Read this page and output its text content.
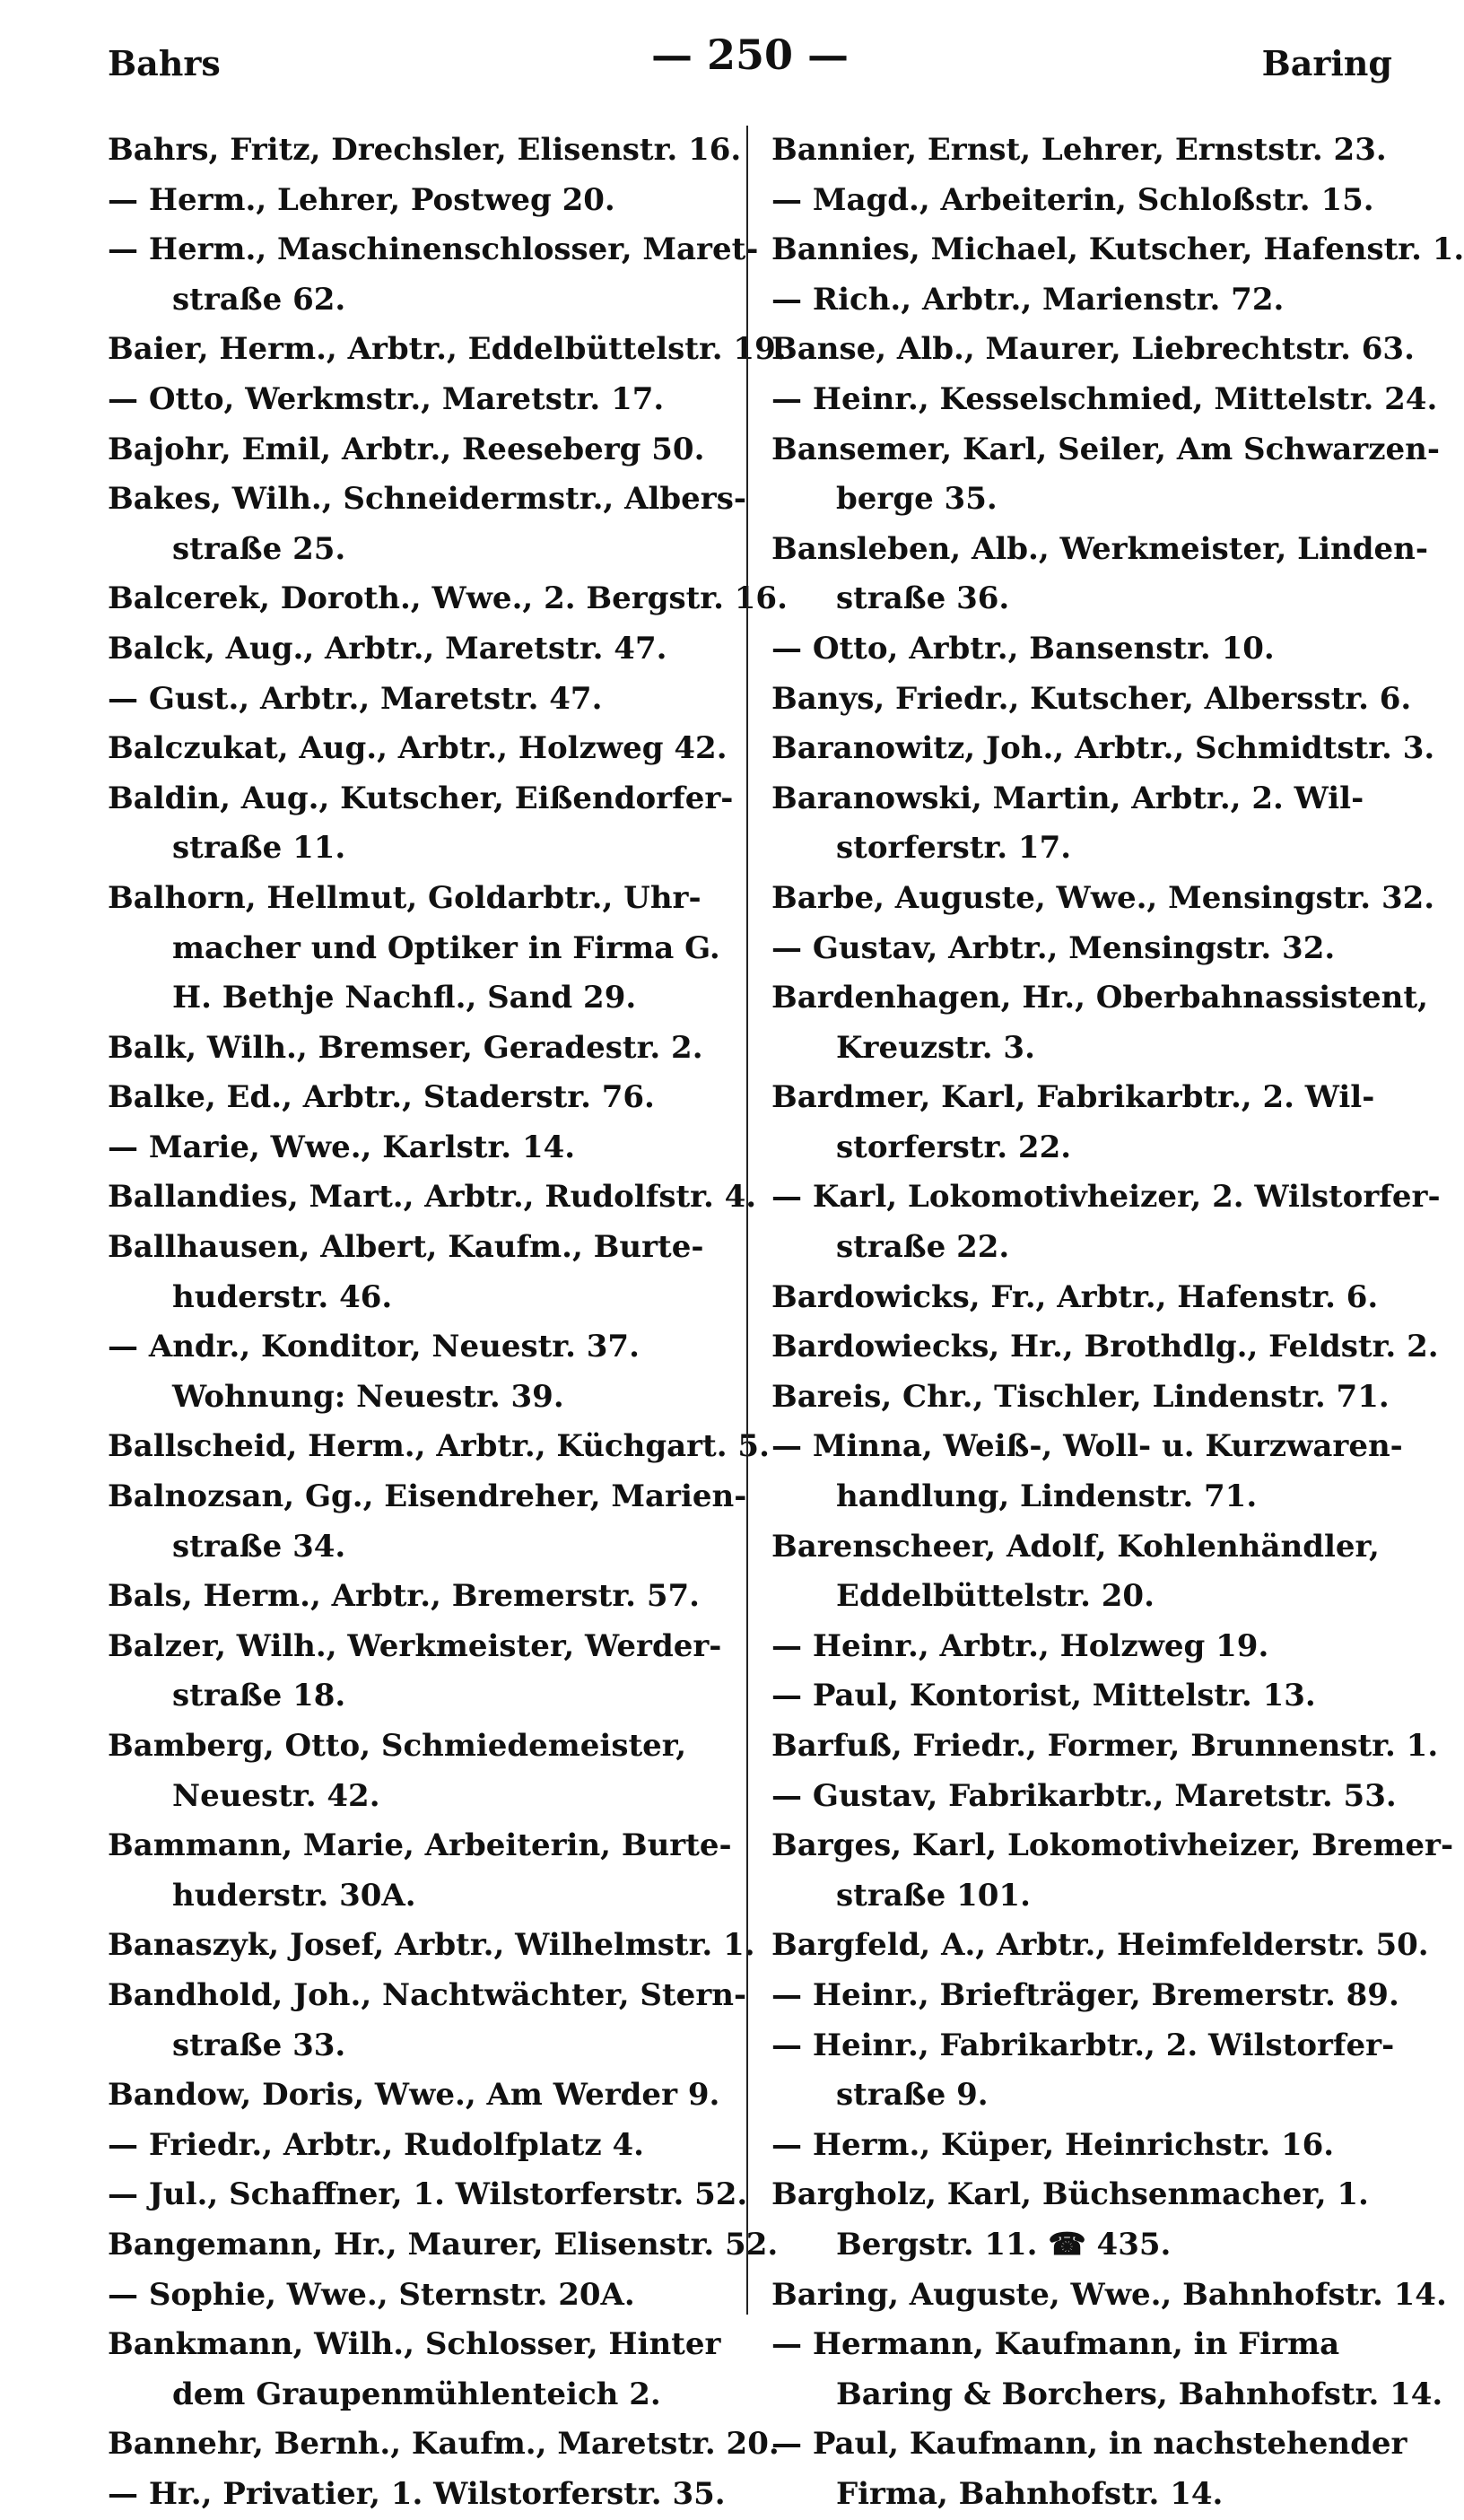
Bahrs	— 250 —	Baring
Bahrs, Fritz, Drechsler, Elisenstr. 16.
— Herm., Lehrer, Postweg 20.
— Herm., Maschinenschlosser, Maret-
straße 62.
Baier, Herm., Arbtr., Eddelbüttelstr. 19.
— Otto, Werkmstr., Maretstr. 17.
Bajohr, Emil, Arbtr., Reeseberg 50.
Bakes, Wilh., Schneidermstr., Albers-
straße 25.
Balcerek, Doroth., Wwe., 2. Bergstr. 16.
Balck, Aug., Arbtr., Maretstr. 47.
— Gust., Arbtr., Maretstr. 47.
Balczukat, Aug., Arbtr., Holzweg 42.
Baldin, Aug., Kutscher, Eißendorfer-
straße 11.
Balhorn, Hellmut, Goldarbtr., Uhr-
macher und Optiker in Firma G.
H. Bethje Nachfl., Sand 29.
Balk, Wilh., Bremser, Geradestr. 2.
Balke, Ed., Arbtr., Staderstr. 76.
— Marie, Wwe., Karlstr. 14.
Ballandies, Mart., Arbtr., Rudolfstr. 4.
Ballhausen, Albert, Kaufm., Burte-
huderstr. 46.
— Andr., Konditor, Neuestr. 37.
Wohnung: Neuestr. 39.
Ballscheid, Herm., Arbtr., Küchgart. 5.
Balnozsan, Gg., Eisendreher, Marien-
straße 34.
Bals, Herm., Arbtr., Bremerstr. 57.
Balzer, Wilh., Werkmeister, Werder-
straße 18.
Bamberg, Otto, Schmiedemeister,
Neuestr. 42.
Bammann, Marie, Arbeiterin, Burte-
huderstr. 30A.
Banaszyk, Josef, Arbtr., Wilhelmstr. 1.
Bandhold, Joh., Nachtwächter, Stern-
straße 33.
Bandow, Doris, Wwe., Am Werder 9.
— Friedr., Arbtr., Rudolfplatz 4.
— Jul., Schaffner, 1. Wilstorferstr. 52.
Bangemann, Hr., Maurer, Elisenstr. 52.
— Sophie, Wwe., Sternstr. 20A.
Bankmann, Wilh., Schlosser, Hinter
dem Graupenmühlenteich 2.
Bannehr, Bernh., Kaufm., Maretstr. 20.
— Hr., Privatier, 1. Wilstorferstr. 35.
Bannier, Ernst, Lehrer, Ernststr. 23.
— Magd., Arbeiterin, Schloßstr. 15.
Bannies, Michael, Kutscher, Hafenstr. 1.
— Rich., Arbtr., Marienstr. 72.
Banse, Alb., Maurer, Liebrechtstr. 63.
— Heinr., Kesselschmied, Mittelstr. 24.
Bansemer, Karl, Seiler, Am Schwarzen-
berge 35.
Bansleben, Alb., Werkmeister, Linden-
straße 36.
— Otto, Arbtr., Bansenstr. 10.
Banys, Friedr., Kutscher, Albersstr. 6.
Baranowitz, Joh., Arbtr., Schmidtstr. 3.
Baranowski, Martin, Arbtr., 2. Wil-
storferstr. 17.
Barbe, Auguste, Wwe., Mensingstr. 32.
— Gustav, Arbtr., Mensingstr. 32.
Bardenhagen, Hr., Oberbahnassistent,
Kreuzstr. 3.
Bardmer, Karl, Fabrikarbtr., 2. Wil-
storferstr. 22.
— Karl, Lokomotivheizer, 2. Wilstorfer-
straße 22.
Bardowicks, Fr., Arbtr., Hafenstr. 6.
Bardowiecks, Hr., Brothdlg., Feldstr. 2.
Bareis, Chr., Tischler, Lindenstr. 71.
— Minna, Weiß-, Woll- u. Kurzwaren-
handlung, Lindenstr. 71.
Barenscheer, Adolf, Kohlenhändler,
Eddelbüttelstr. 20.
— Heinr., Arbtr., Holzweg 19.
— Paul, Kontorist, Mittelstr. 13.
Barfuß, Friedr., Former, Brunnenstr. 1.
— Gustav, Fabrikarbtr., Maretstr. 53.
Barges, Karl, Lokomotivheizer, Bremer-
straße 101.
Bargfeld, A., Arbtr., Heimfelderstr. 50.
— Heinr., Briefträger, Bremerstr. 89.
— Heinr., Fabrikarbtr., 2. Wilstorfer-
straße 9.
— Herm., Küper, Heinrichstr. 16.
Bargholz, Karl, Büchsenmacher, 1.
Bergstr. 11. ☎ 435.
Baring, Auguste, Wwe., Bahnhofstr. 14.
— Hermann, Kaufmann, in Firma
Baring & Borchers, Bahnhofstr. 14.
— Paul, Kaufmann, in nachstehender
Firma, Bahnhofstr. 14.
